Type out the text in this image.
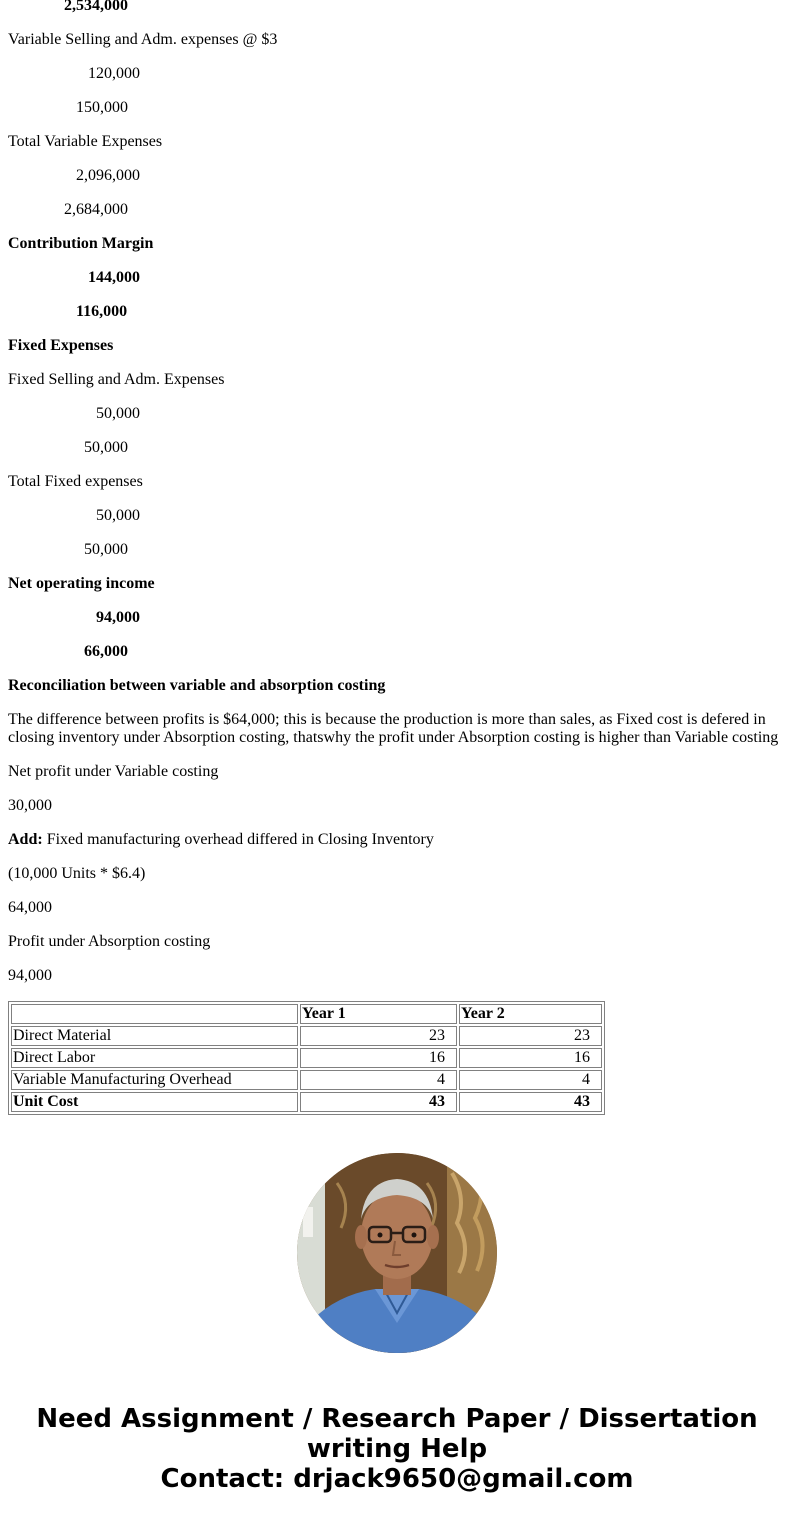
2,534,000

Variable Selling and Adm. expenses @ $3

120,000

150,000

Total Variable Expenses

2,096,000

2,684,000

Contribution Margin

144,000

116,000

Fixed Expenses

Fixed Selling and Adm. Expenses

50,000

50,000

Total Fixed expenses

50,000

50,000

Net operating income

94,000

66,000

Reconciliation between variable and absorption costing

The difference between profits is $64,000; this is because the production is more than sales, as Fixed cost is defered in closing inventory under Absorption costing, thatswhy the profit under Absorption costing is higher than Variable costing

Net profit under Variable costing

30,000

Add: Fixed manufacturing overhead differed in Closing Inventory

(10,000 Units * $6.4)

64,000

Profit under Absorption costing

94,000

	Year 1	Year 2
Direct Material	23	23
Direct Labor	16	16
Variable Manufacturing Overhead	4	4
Unit Cost	43	43
Need Assignment / Research Paper / Dissertation
writing Help
Contact: drjack9650@gmail.com
